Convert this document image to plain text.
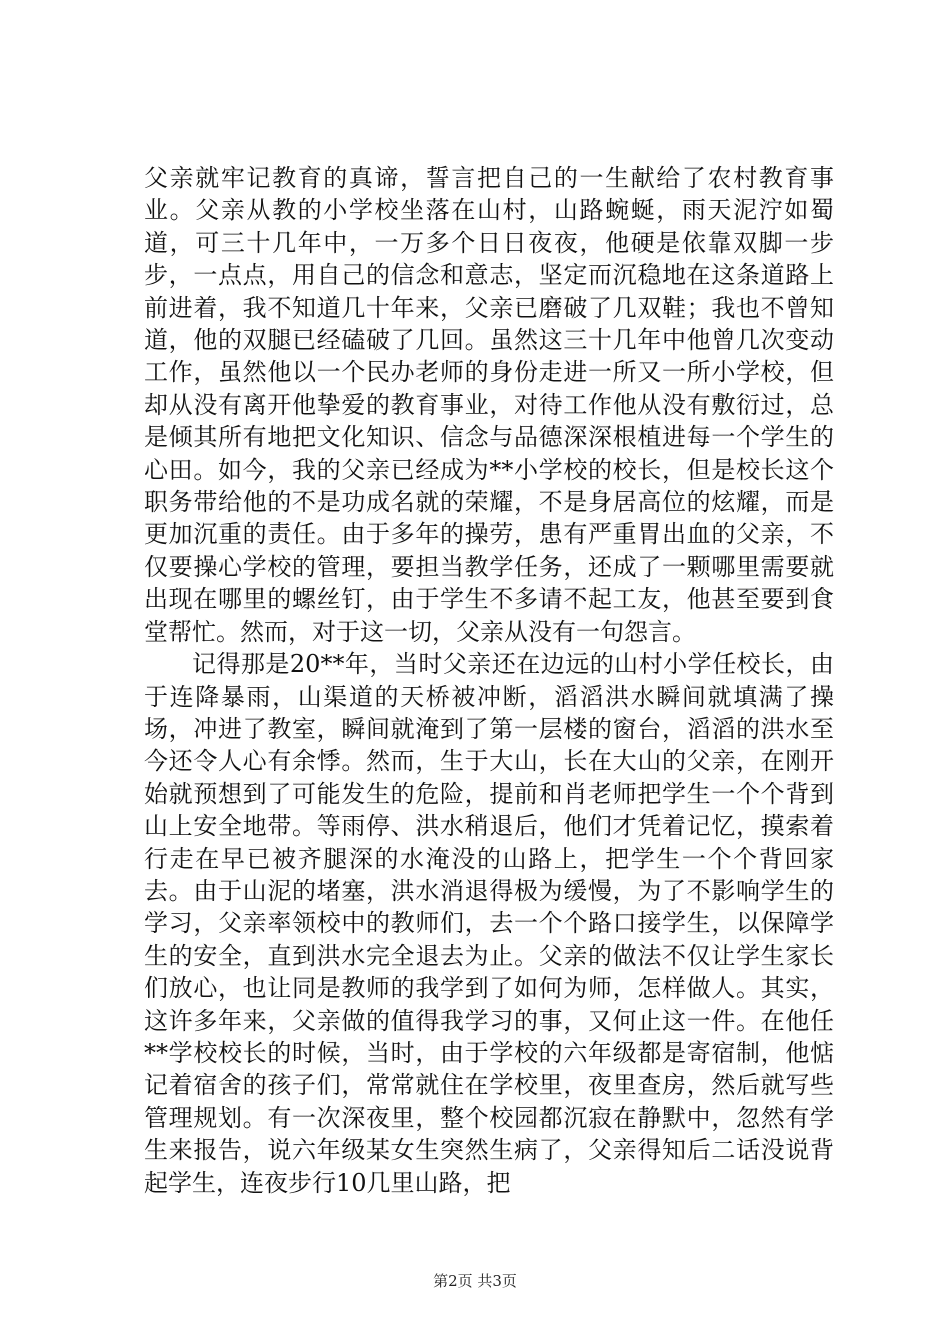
父亲就牢记教育的真谛，誓言把自己的一生献给了农村教育事业。父亲从教的小学校坐落在山村，山路蜿蜒，雨天泥泞如蜀道，可三十几年中，一万多个日日夜夜，他硬是依靠双脚一步步，一点点，用自己的信念和意志，坚定而沉稳地在这条道路上前进着，我不知道几十年来，父亲已磨破了几双鞋；我也不曾知道，他的双腿已经磕破了几回。虽然这三十几年中他曾几次变动工作，虽然他以一个民办老师的身份走进一所又一所小学校，但却从没有离开他挚爱的教育事业，对待工作他从没有敷衍过，总是倾其所有地把文化知识、信念与品德深深根植进每一个学生的心田。如今，我的父亲已经成为**小学校的校长，但是校长这个职务带给他的不是功成名就的荣耀，不是身居高位的炫耀，而是更加沉重的责任。由于多年的操劳，患有严重胃出血的父亲，不仅要操心学校的管理，要担当教学任务，还成了一颗哪里需要就出现在哪里的螺丝钉，由于学生不多请不起工友，他甚至要到食堂帮忙。然而，对于这一切，父亲从没有一句怨言。

记得那是20**年，当时父亲还在边远的山村小学任校长，由于连降暴雨，山渠道的天桥被冲断，滔滔洪水瞬间就填满了操场，冲进了教室，瞬间就淹到了第一层楼的窗台，滔滔的洪水至今还令人心有余悸。然而，生于大山，长在大山的父亲，在刚开始就预想到了可能发生的危险，提前和肖老师把学生一个个背到山上安全地带。等雨停、洪水稍退后，他们才凭着记忆，摸索着行走在早已被齐腿深的水淹没的山路上，把学生一个个背回家去。由于山泥的堵塞，洪水消退得极为缓慢，为了不影响学生的学习，父亲率领校中的教师们，去一个个路口接学生，以保障学生的安全，直到洪水完全退去为止。父亲的做法不仅让学生家长们放心，也让同是教师的我学到了如何为师，怎样做人。其实，这许多年来，父亲做的值得我学习的事，又何止这一件。在他任**学校校长的时候，当时，由于学校的六年级都是寄宿制，他惦记着宿舍的孩子们，常常就住在学校里，夜里查房，然后就写些管理规划。有一次深夜里，整个校园都沉寂在静默中，忽然有学生来报告，说六年级某女生突然生病了，父亲得知后二话没说背起学生，连夜步行10几里山路，把

第2页 共3页
